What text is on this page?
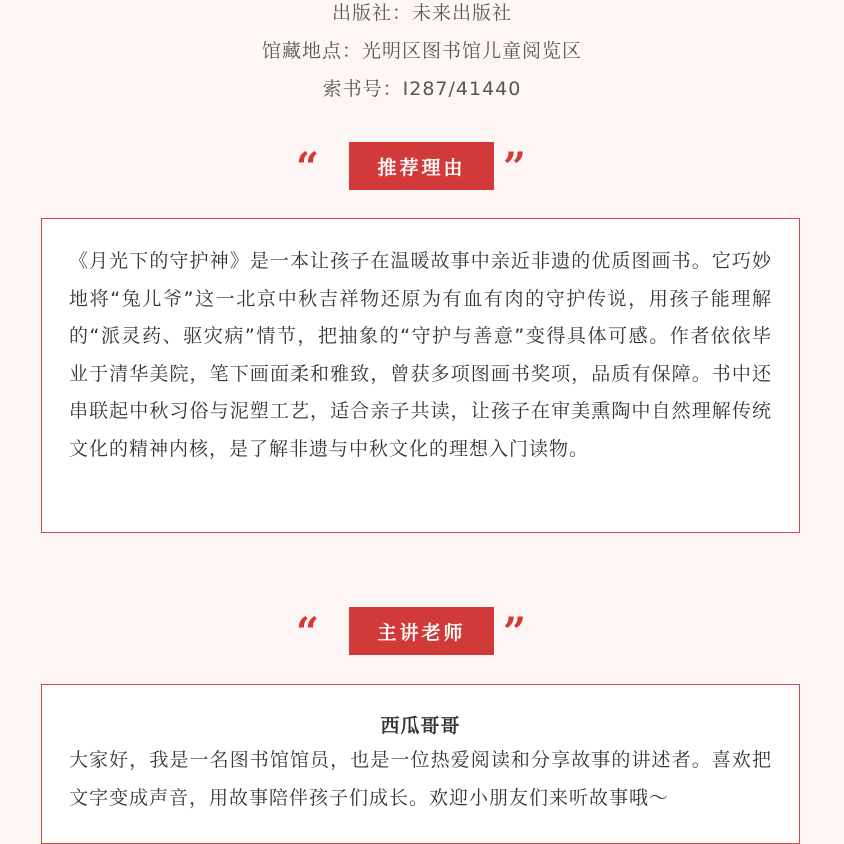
出版社：未来出版社
馆藏地点：光明区图书馆儿童阅览区
索书号：I287/41440
“	推荐理由 ”

《月光下的守护神》是一本让孩子在温暖故事中亲近非遗的优质图画书。它巧妙地将“兔儿爷”这一北京中秋吉祥物还原为有血有肉的守护传说，用孩子能理解的“派灵药、驱灾病”情节，把抽象的“守护与善意”变得具体可感。作者依依毕业于清华美院，笔下画面柔和雅致，曾获多项图画书奖项，品质有保障。书中还串联起中秋习俗与泥塑工艺，适合亲子共读，让孩子在审美熏陶中自然理解传统文化的精神内核，是了解非遗与中秋文化的理想入门读物。

“	主讲老师 ”
西瓜哥哥

大家好，我是一名图书馆馆员，也是一位热爱阅读和分享故事的讲述者。喜欢把文字变成声音，用故事陪伴孩子们成长。欢迎小朋友们来听故事哦～
